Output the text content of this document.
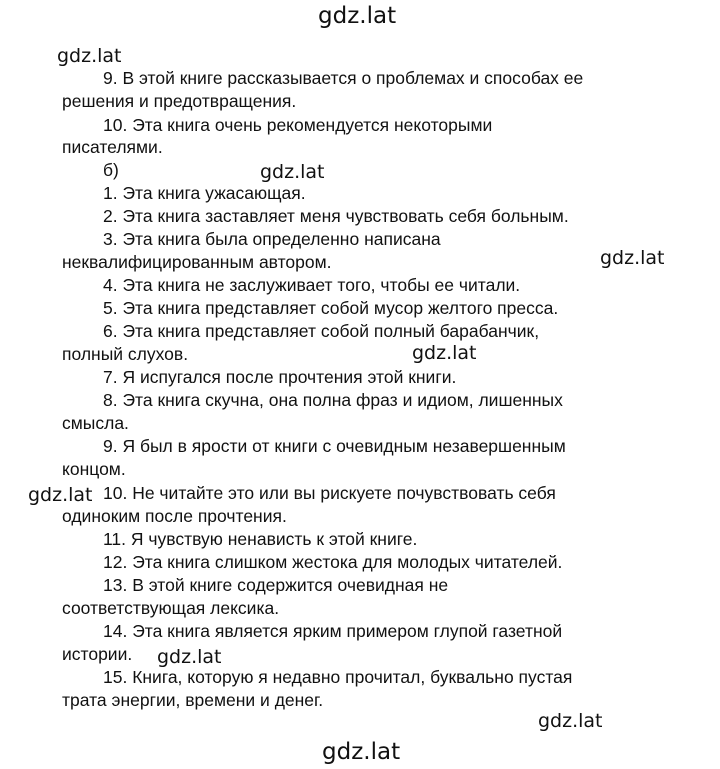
gdz.lat
gdz.lat
gdz.lat
gdz.lat
gdz.lat
gdz.lat
gdz.lat
gdz.lat
gdz.lat
9. В этой книге рассказывается о проблемах и способах ее
решения и предотвращения.
10. Эта книга очень рекомендуется некоторыми
писателями.
б)
1. Эта книга ужасающая.
2. Эта книга заставляет меня чувствовать себя больным.
3. Эта книга была определенно написана
неквалифицированным автором.
4. Эта книга не заслуживает того, чтобы ее читали.
5. Эта книга представляет собой мусор желтого пресса.
6. Эта книга представляет собой полный барабанчик,
полный слухов.
7. Я испугался после прочтения этой книги.
8. Эта книга скучна, она полна фраз и идиом, лишенных
смысла.
9. Я был в ярости от книги с очевидным незавершенным
концом.
10. Не читайте это или вы рискуете почувствовать себя
одиноким после прочтения.
11. Я чувствую ненависть к этой книге.
12. Эта книга слишком жестока для молодых читателей.
13. В этой книге содержится очевидная не
соответствующая лексика.
14. Эта книга является ярким примером глупой газетной
истории.
15. Книга, которую я недавно прочитал, буквально пустая
трата энергии, времени и денег.
